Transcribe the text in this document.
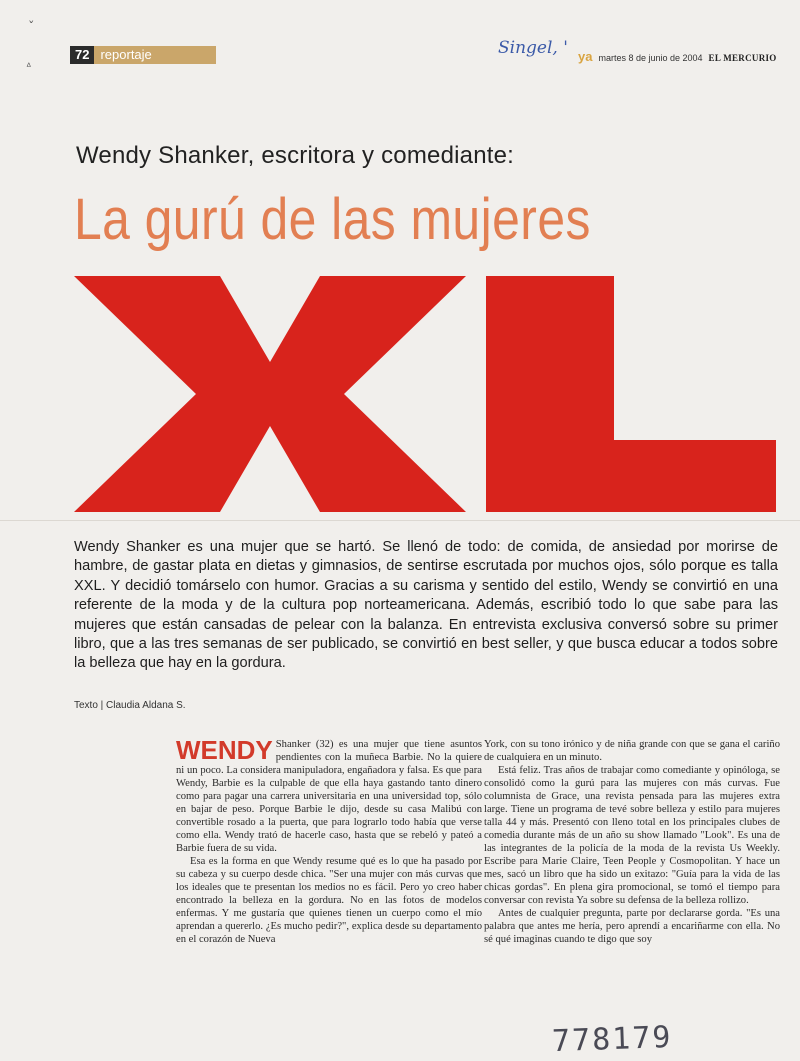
ˇ
ᐞ
72 reportaje	Singel, ' ya martes 8 de junio de 2004 EL MERCURIO
Wendy Shanker, escritora y comediante:
La gurú de las mujeres

Wendy Shanker es una mujer que se hartó. Se llenó de todo: de comida, de ansiedad por morirse de hambre, de gastar plata en dietas y gimnasios, de sentirse escrutada por muchos ojos, sólo porque es talla XXL. Y decidió tomárselo con humor. Gracias a su carisma y sentido del estilo, Wendy se convirtió en una referente de la moda y de la cultura pop norteamericana. Además, escribió todo lo que sabe para las mujeres que están cansadas de pelear con la balanza. En entrevista exclusiva conversó sobre su primer libro, que a las tres semanas de ser publicado, se convirtió en best seller, y que busca educar a todos sobre la belleza que hay en la gordura.

Texto | Claudia Aldana S.

WENDY Shanker (32) es una mujer que tiene asuntos pendientes con la muñeca Barbie. No la quiere ni un poco. La considera manipuladora, engañadora y falsa. Es que para Wendy, Barbie es la culpable de que ella haya gastando tanto dinero como para pagar una carrera universitaria en una universidad top, sólo en bajar de peso. Porque Barbie le dijo, desde su casa Malibú con convertible rosado a la puerta, que para lograrlo todo había que verse como ella. Wendy trató de hacerle caso, hasta que se rebeló y pateó a Barbie fuera de su vida.

Esa es la forma en que Wendy resume qué es lo que ha pasado por su cabeza y su cuerpo desde chica. "Ser una mujer con más curvas que los ideales que te presentan los medios no es fácil. Pero yo creo haber encontrado la belleza en la gordura. No en las fotos de modelos enfermas. Y me gustaría que quienes tienen un cuerpo como el mío aprendan a quererlo. ¿Es mucho pedir?", explica desde su departamento en el corazón de Nueva

York, con su tono irónico y de niña grande con que se gana el cariño de cualquiera en un minuto.

Está feliz. Tras años de trabajar como comediante y opinóloga, se consolidó como la gurú para las mujeres con más curvas. Fue columnista de Grace, una revista pensada para las mujeres extra large. Tiene un programa de tevé sobre belleza y estilo para mujeres talla 44 y más. Presentó con lleno total en los principales clubes de comedia durante más de un año su show llamado "Look". Es una de las integrantes de la policía de la moda de la revista Us Weekly. Escribe para Marie Claire, Teen People y Cosmopolitan. Y hace un mes, sacó un libro que ha sido un exitazo: "Guía para la vida de las chicas gordas". En plena gira promocional, se tomó el tiempo para conversar con revista Ya sobre su defensa de la belleza rollizo.

Antes de cualquier pregunta, parte por declararse gorda. "Es una palabra que antes me hería, pero aprendí a encariñarme con ella. No sé qué imaginas cuando te digo que soy

778179
